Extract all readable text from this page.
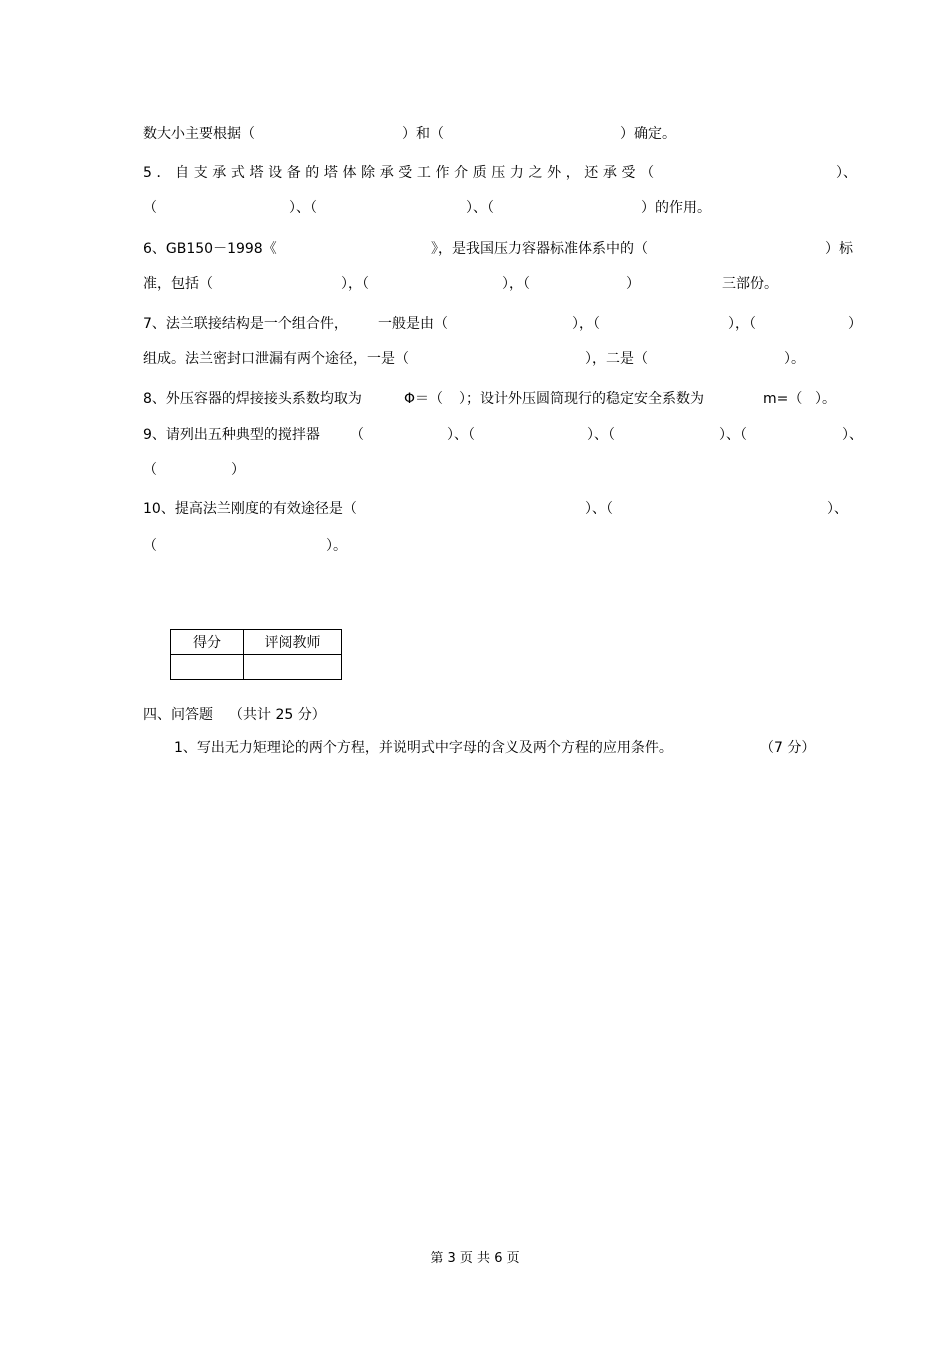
数大小主要根据（	）和（	）确定。
5．自支承式塔设备的塔体除承受工作介质压力之外，还承受（	）、
（	）、（	）、（	）的作用。
6、GB150－1998《	》，是我国压力容器标准体系中的（	）标
准，包括（	），（	），（	）	三部份。
7、法兰联接结构是一个组合件， 一般是由（	），（	），（	）
组成。法兰密封口泄漏有两个途径，一是（	），二是（	）。
8、外压容器的焊接接头系数均取为	Φ＝（ ）；设计外压圆筒现行的稳定安全系数为	m=（ ）。
9、请列出五种典型的搅拌器 （	）、（	）、（	）、（	）、
（	）
10、提高法兰刚度的有效途径是（	）、（	）、
（	）。
得分	评阅教师

四、问答题 （共计 25 分）
1、写出无力矩理论的两个方程，并说明式中字母的含义及两个方程的应用条件。	（7 分）
第 3 页 共 6 页
